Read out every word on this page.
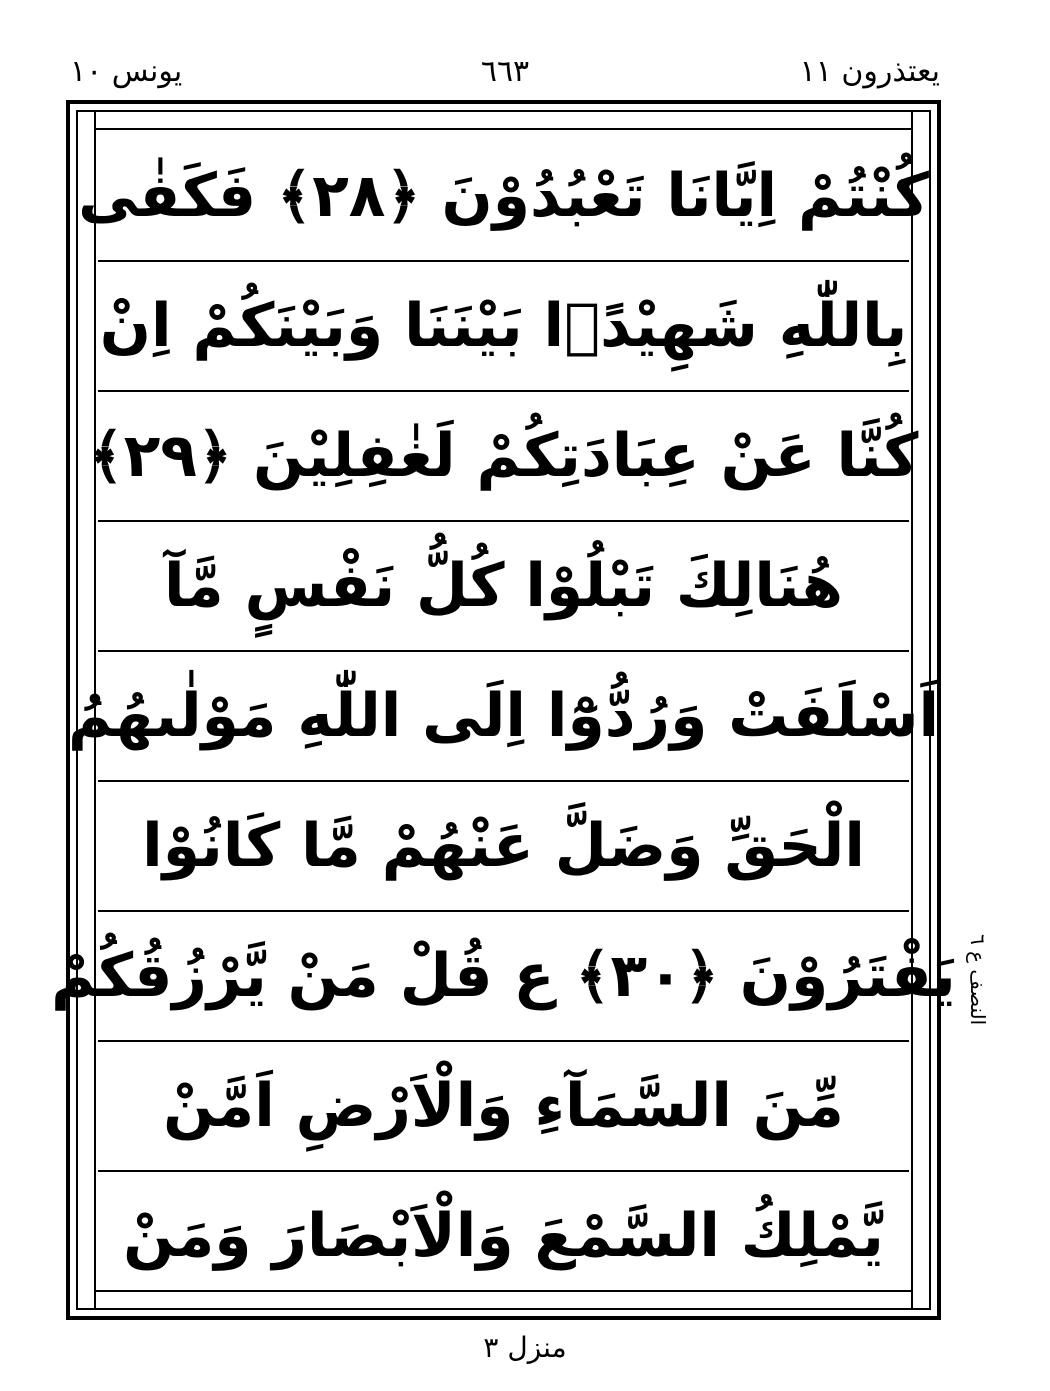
يونس ١٠	٦٦٣	يعتذرون ١١
كُنْتُمْ اِيَّانَا تَعْبُدُوْنَ ﴿٢٨﴾ فَكَفٰى
بِاللّٰهِ شَهِيْدًۢا بَيْنَنَا وَبَيْنَكُمْ اِنْ
كُنَّا عَنْ عِبَادَتِكُمْ لَغٰفِلِيْنَ ﴿٢٩﴾
هُنَالِكَ تَبْلُوْا كُلُّ نَفْسٍ مَّآ
اَسْلَفَتْ وَرُدُّوْٓا اِلَى اللّٰهِ مَوْلٰىهُمُ
الْحَقِّ وَضَلَّ عَنْهُمْ مَّا كَانُوْا
يَفْتَرُوْنَ ﴿٣٠﴾ ع قُلْ مَنْ يَّرْزُقُكُمْ
مِّنَ السَّمَآءِ وَالْاَرْضِ اَمَّنْ
يَّمْلِكُ السَّمْعَ وَالْاَبْصَارَ وَمَنْ
النصف ع ٦
منزل ٣
